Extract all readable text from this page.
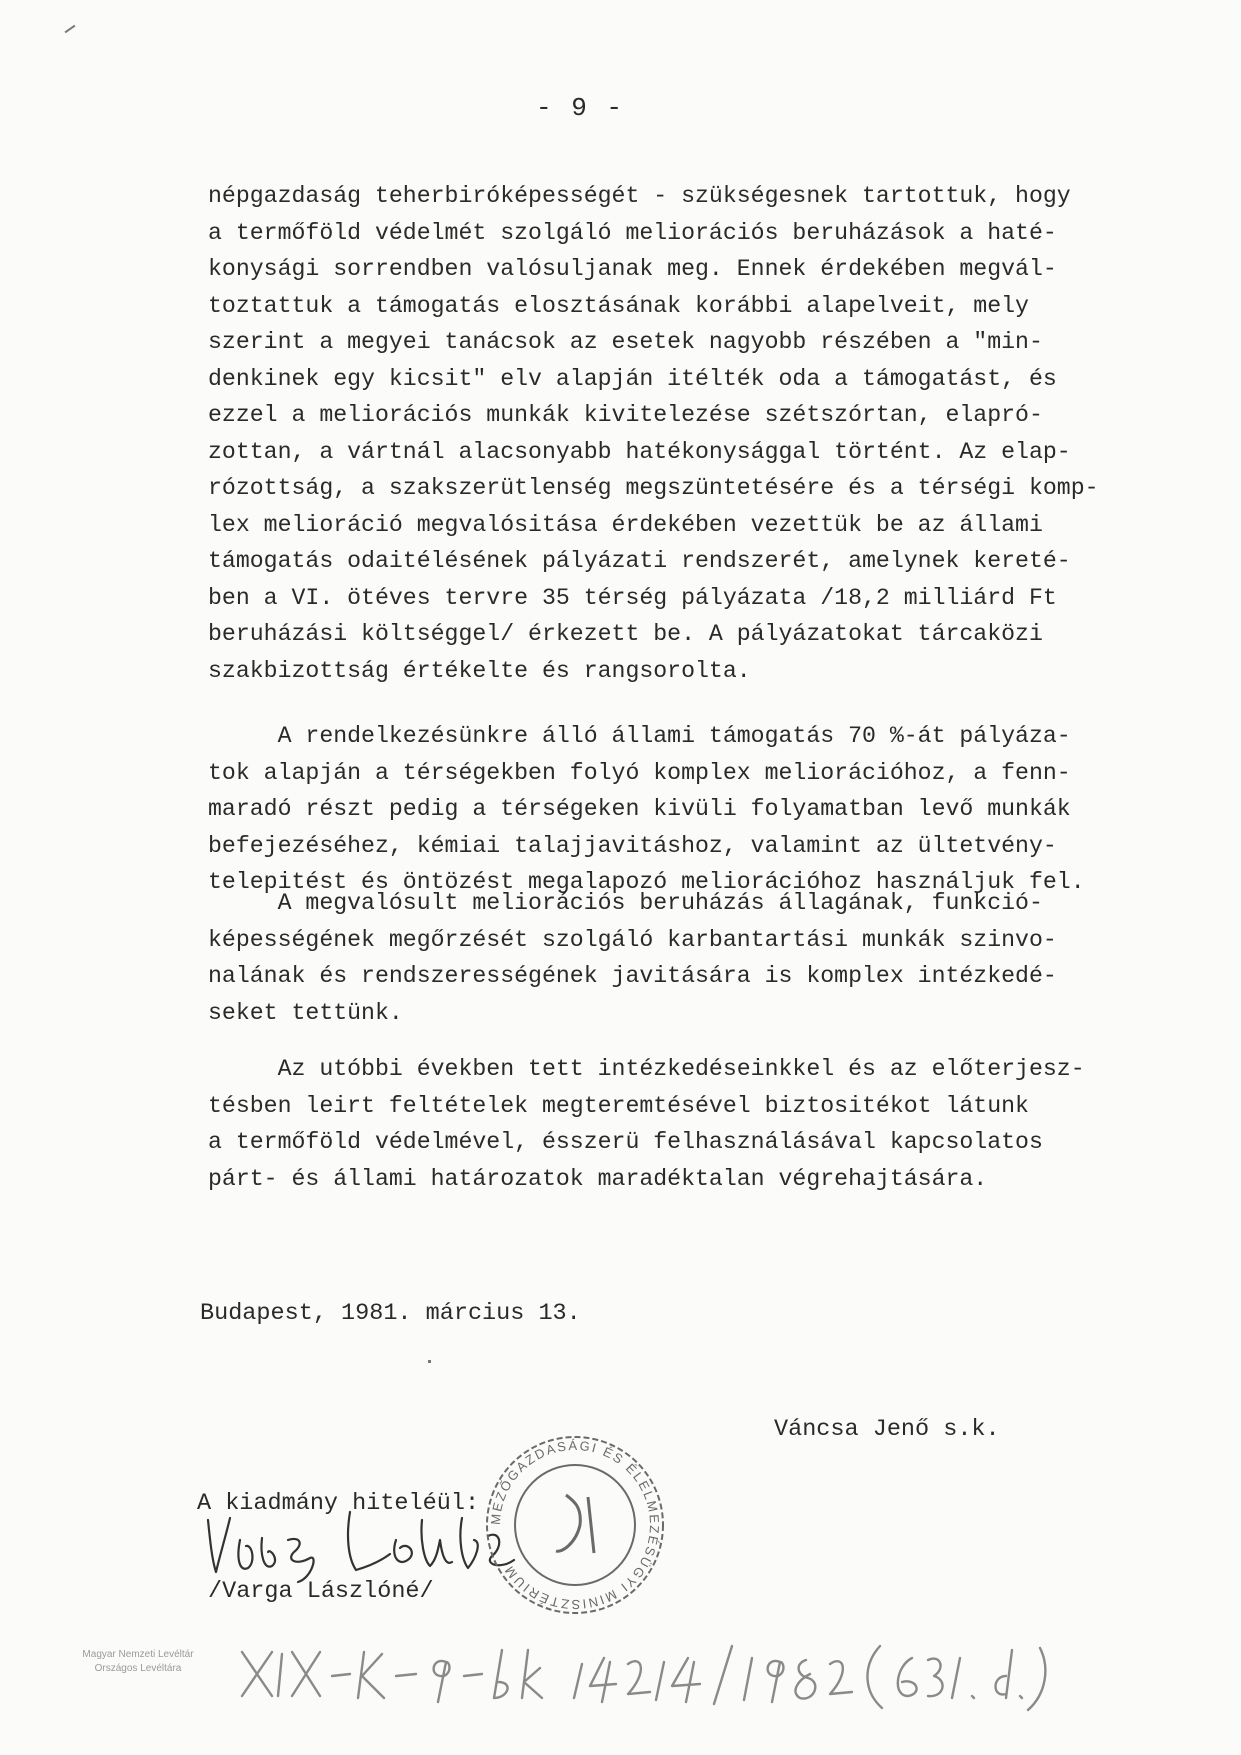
- 9 -
népgazdaság teherbiróképességét - szükségesnek tartottuk, hogy
a termőföld védelmét szolgáló meliorációs beruházások a haté-
konysági sorrendben valósuljanak meg. Ennek érdekében megvál-
toztattuk a támogatás elosztásának korábbi alapelveit, mely
szerint a megyei tanácsok az esetek nagyobb részében a "min-
denkinek egy kicsit" elv alapján itélték oda a támogatást, és
ezzel a meliorációs munkák kivitelezése szétszórtan, elapró-
zottan, a vártnál alacsonyabb hatékonysággal történt. Az elap-
rózottság, a szakszerütlenség megszüntetésére és a térségi komp-
lex melioráció megvalósitása érdekében vezettük be az állami
támogatás odaitélésének pályázati rendszerét, amelynek kereté-
ben a VI. ötéves tervre 35 térség pályázata /18,2 milliárd Ft
beruházási költséggel/ érkezett be. A pályázatokat tárcaközi
szakbizottság értékelte és rangsorolta.
A rendelkezésünkre álló állami támogatás 70 %-át pályáza-
tok alapján a térségekben folyó komplex meliorációhoz, a fenn-
maradó részt pedig a térségeken kivüli folyamatban levő munkák
befejezéséhez, kémiai talajjavitáshoz, valamint az ültetvény-
telepitést és öntözést megalapozó meliorációhoz használjuk fel.
A megvalósult meliorációs beruházás állagának, funkció-
képességének megőrzését szolgáló karbantartási munkák szinvo-
nalának és rendszerességének javitására is komplex intézkedé-
seket tettünk.
Az utóbbi években tett intézkedéseinkkel és az előterjesz-
tésben leirt feltételek megteremtésével biztositékot látunk
a termőföld védelmével, ésszerü felhasználásával kapcsolatos
párt- és állami határozatok maradéktalan végrehajtására.
Budapest, 1981. március 13.
Váncsa Jenő s.k.
A kiadmány hiteléül:
MEZŐGAZDASÁGI ÉS ÉLELMEZÉSÜGYI MINISZTÉRIUM
/Varga Lászlóné/
Magyar Nemzeti Levéltár
Országos Levéltára
